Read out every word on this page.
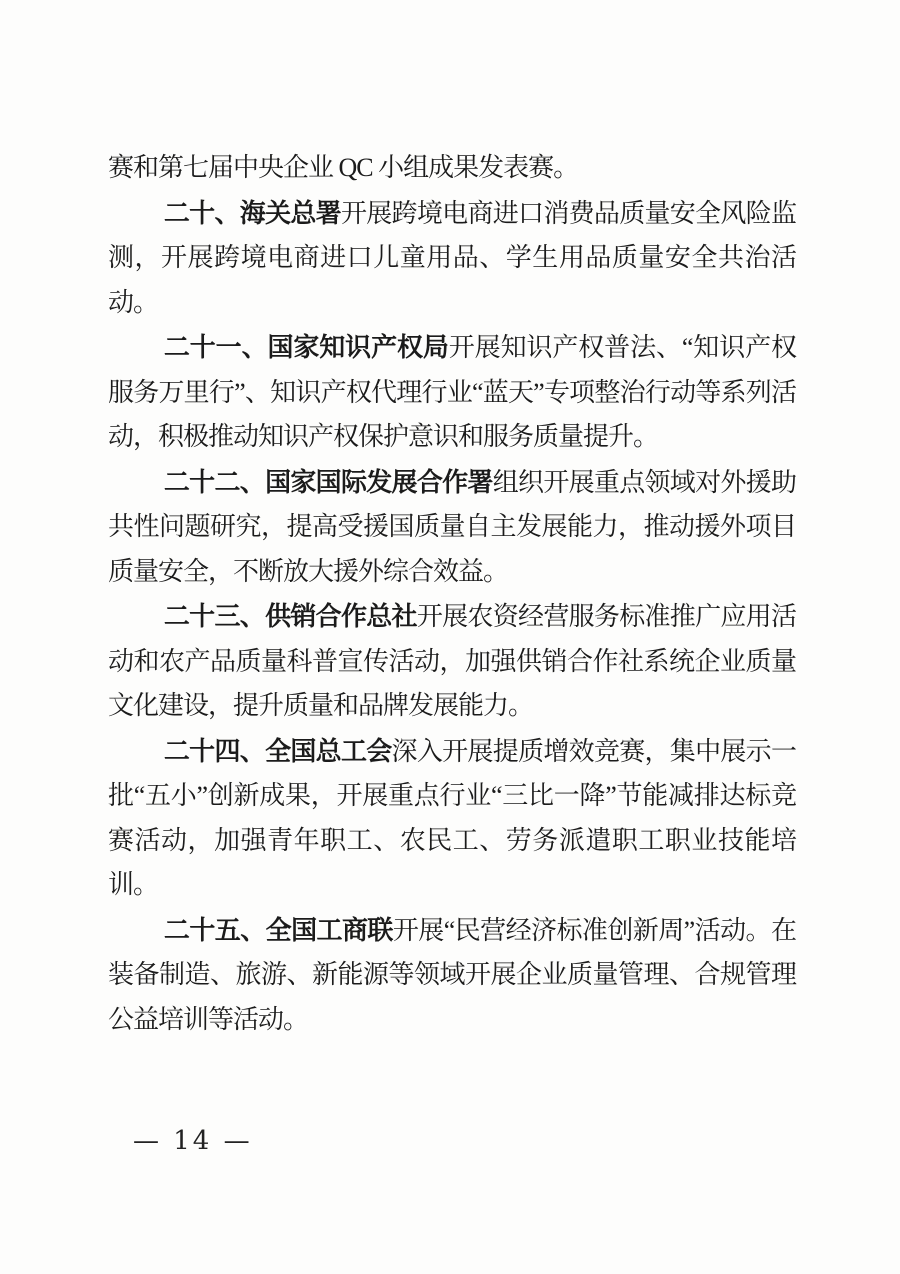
赛和第七届中央企业 QC 小组成果发表赛。

二十、海关总署开展跨境电商进口消费品质量安全风险监测，开展跨境电商进口儿童用品、学生用品质量安全共治活动。

二十一、国家知识产权局开展知识产权普法、“知识产权服务万里行”、知识产权代理行业“蓝天”专项整治行动等系列活动，积极推动知识产权保护意识和服务质量提升。

二十二、国家国际发展合作署组织开展重点领域对外援助共性问题研究，提高受援国质量自主发展能力，推动援外项目质量安全，不断放大援外综合效益。

二十三、供销合作总社开展农资经营服务标准推广应用活动和农产品质量科普宣传活动，加强供销合作社系统企业质量文化建设，提升质量和品牌发展能力。

二十四、全国总工会深入开展提质增效竞赛，集中展示一批“五小”创新成果，开展重点行业“三比一降”节能减排达标竞赛活动，加强青年职工、农民工、劳务派遣职工职业技能培训。

二十五、全国工商联开展“民营经济标准创新周”活动。在装备制造、旅游、新能源等领域开展企业质量管理、合规管理公益培训等活动。

— 14 —
